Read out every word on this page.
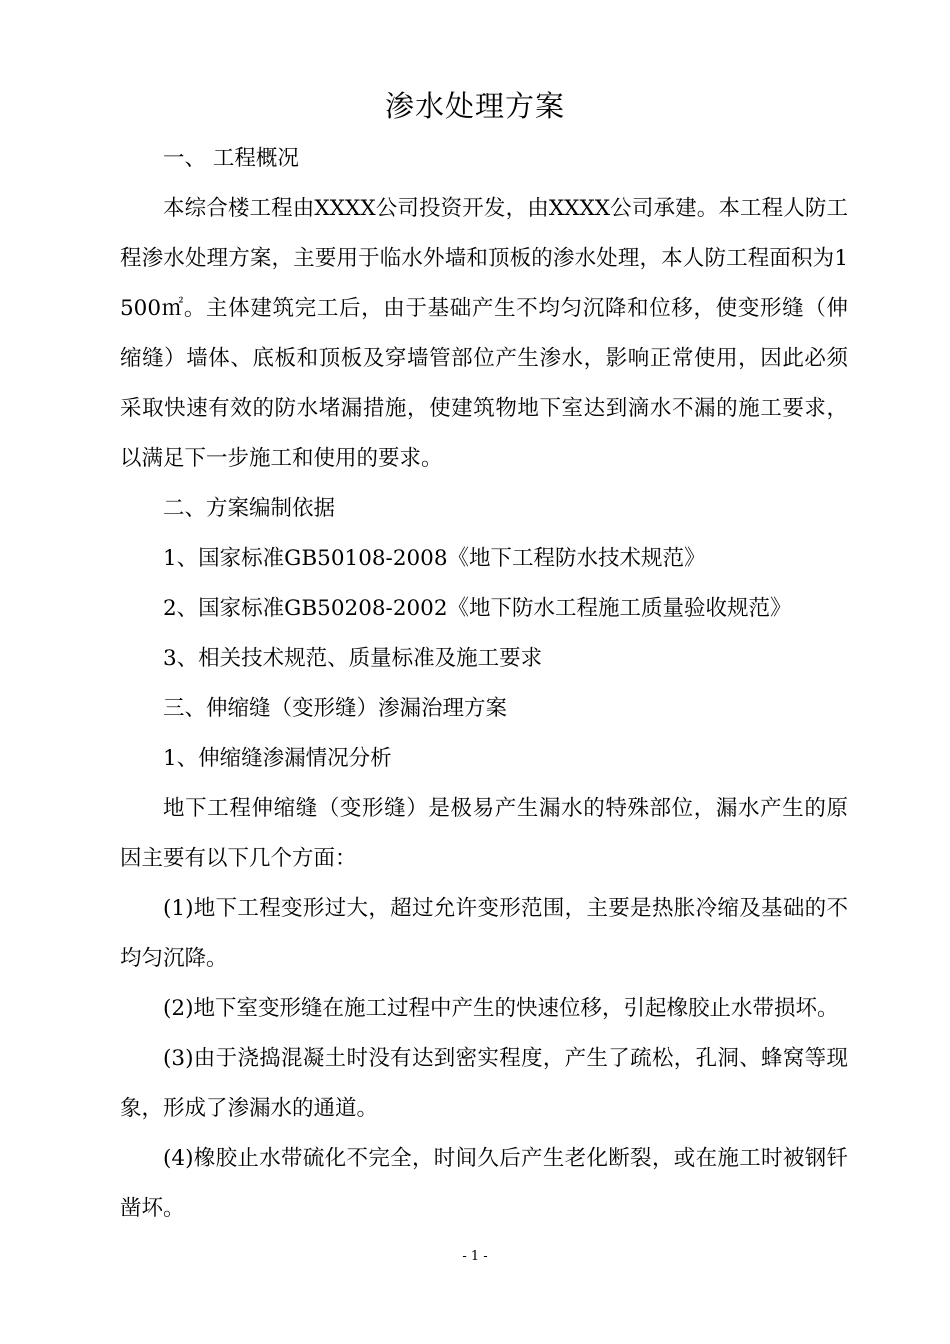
渗水处理方案

一、 工程概况

本综合楼工程由XXXX公司投资开发，由XXXX公司承建。本工程人防工程渗水处理方案，主要用于临水外墙和顶板的渗水处理，本人防工程面积为1500㎡。主体建筑完工后，由于基础产生不均匀沉降和位移，使变形缝（伸缩缝）墙体、底板和顶板及穿墙管部位产生渗水，影响正常使用，因此必须采取快速有效的防水堵漏措施，使建筑物地下室达到滴水不漏的施工要求，以满足下一步施工和使用的要求。

二、方案编制依据

1、国家标准GB50108-2008《地下工程防水技术规范》

2、国家标准GB50208-2002《地下防水工程施工质量验收规范》

3、相关技术规范、质量标准及施工要求

三、伸缩缝（变形缝）渗漏治理方案

1、伸缩缝渗漏情况分析

地下工程伸缩缝（变形缝）是极易产生漏水的特殊部位，漏水产生的原因主要有以下几个方面：

(1)地下工程变形过大，超过允许变形范围，主要是热胀冷缩及基础的不均匀沉降。

(2)地下室变形缝在施工过程中产生的快速位移，引起橡胶止水带损坏。

(3)由于浇捣混凝土时没有达到密实程度，产生了疏松，孔洞、蜂窝等现象，形成了渗漏水的通道。

(4)橡胶止水带硫化不完全，时间久后产生老化断裂，或在施工时被钢钎凿坏。

- 1 -
